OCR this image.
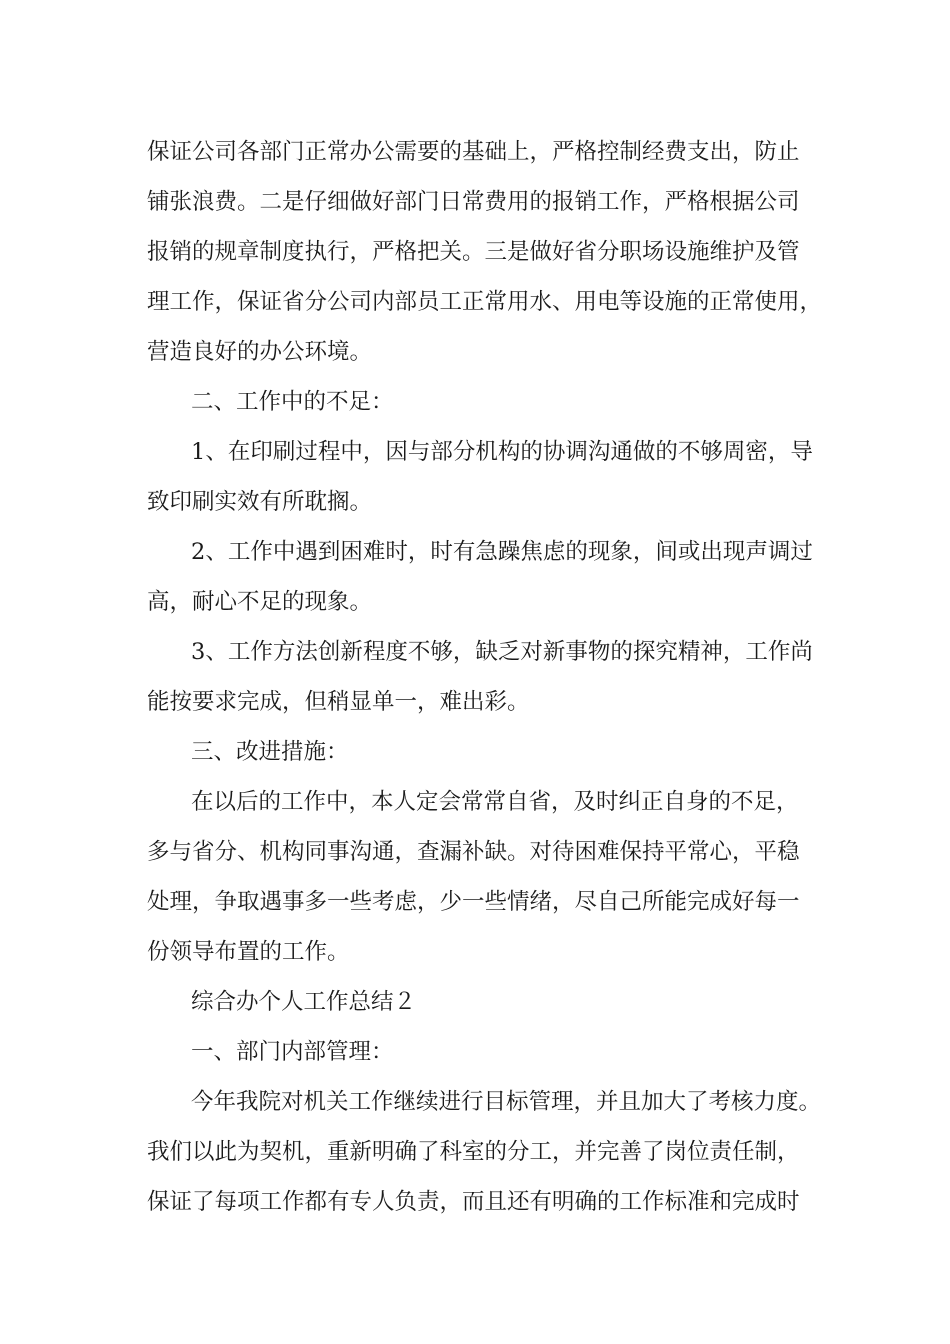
保证公司各部门正常办公需要的基础上，严格控制经费支出，防止
铺张浪费。二是仔细做好部门日常费用的报销工作，严格根据公司
报销的规章制度执行，严格把关。三是做好省分职场设施维护及管
理工作，保证省分公司内部员工正常用水、用电等设施的正常使用，
营造良好的办公环境。
二、工作中的不足：
1、在印刷过程中，因与部分机构的协调沟通做的不够周密，导
致印刷实效有所耽搁。
2、工作中遇到困难时，时有急躁焦虑的现象，间或出现声调过
高，耐心不足的现象。
3、工作方法创新程度不够，缺乏对新事物的探究精神，工作尚
能按要求完成，但稍显单一，难出彩。
三、改进措施：
在以后的工作中，本人定会常常自省，及时纠正自身的不足，
多与省分、机构同事沟通，查漏补缺。对待困难保持平常心，平稳
处理，争取遇事多一些考虑，少一些情绪，尽自己所能完成好每一
份领导布置的工作。
综合办个人工作总结２
一、部门内部管理：
今年我院对机关工作继续进行目标管理，并且加大了考核力度。
我们以此为契机，重新明确了科室的分工，并完善了岗位责任制，
保证了每项工作都有专人负责，而且还有明确的工作标准和完成时
